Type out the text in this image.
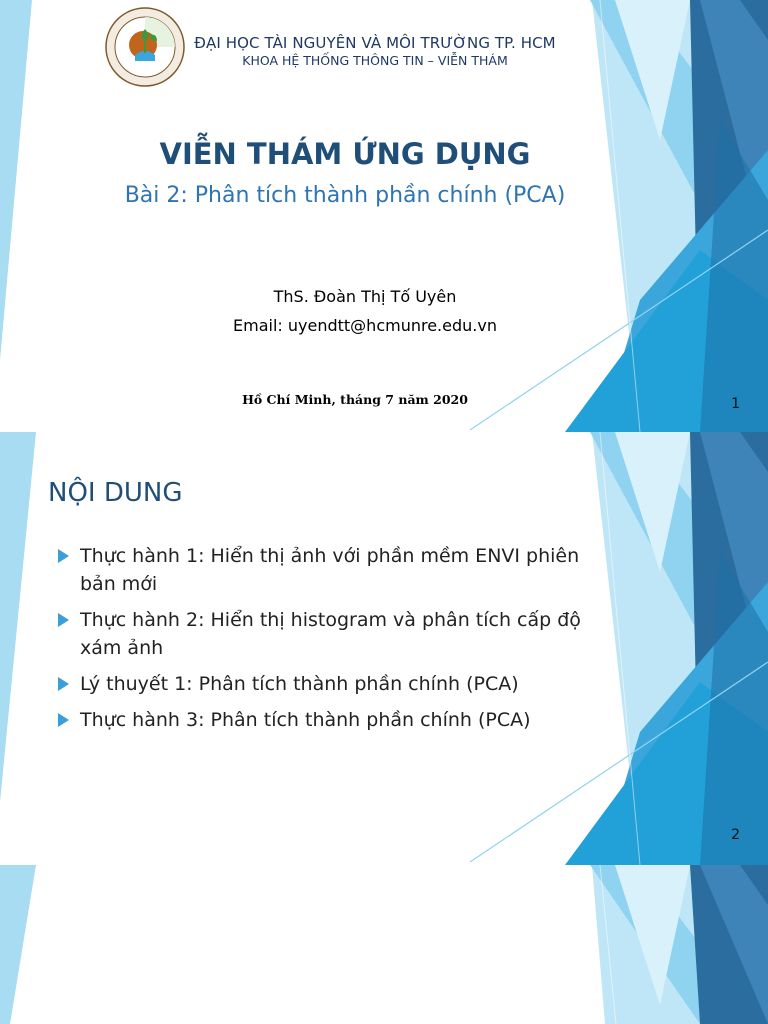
ĐẠI HỌC TÀI NGUYÊN VÀ MÔI TRƯỜNG TP. HCM
KHOA HỆ THỐNG THÔNG TIN – VIỄN THÁM
VIỄN THÁM ỨNG DỤNG
Bài 2: Phân tích thành phần chính (PCA)
ThS. Đoàn Thị Tố Uyên
Email: uyendtt@hcmunre.edu.vn
Hồ Chí Minh, tháng 7 năm 2020	1
NỘI DUNG
Thực hành 1: Hiển thị ảnh với phần mềm ENVI phiên bản mới
Thực hành 2: Hiển thị histogram và phân tích cấp độ xám ảnh
Lý thuyết 1: Phân tích thành phần chính (PCA)
Thực hành 3: Phân tích thành phần chính (PCA)
2
